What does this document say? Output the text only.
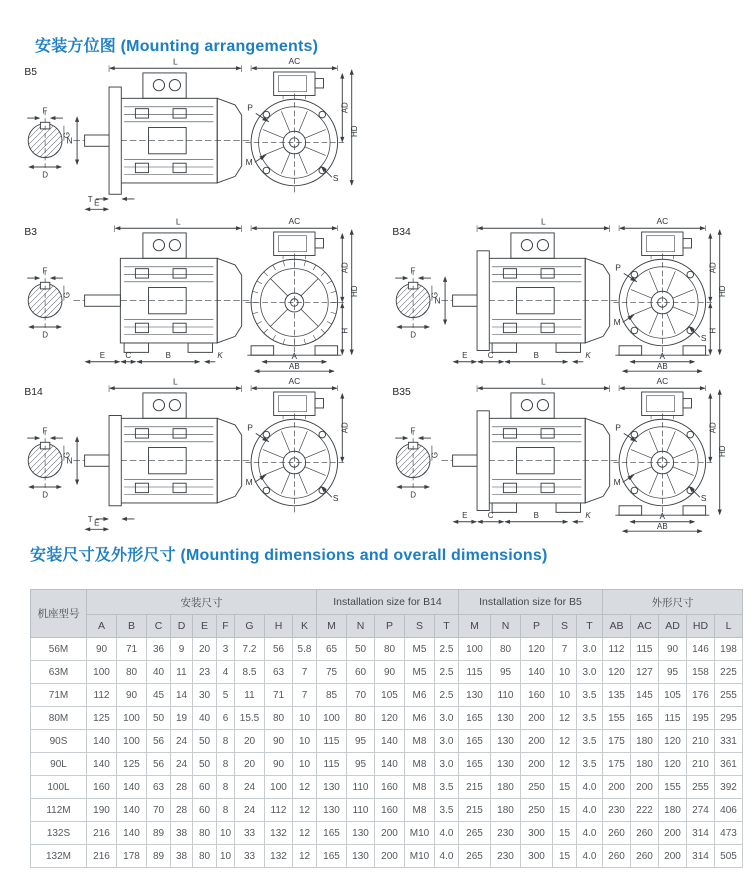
安装方位图 (Mounting arrangements)
B5
F
G
D
L
N
T E
AC
AD
HD
P
M
S
B3
F
G
D
L
E C	B	K
AC
AD
HD
H
A
AB
B34
F
G
D
L
N
E C	B	K
AC
AD
HD
H
P
M
S
A
AB
B14
F
G
D
L
N
T E
AC
AD
P
M
S
B35
F
G
D
L
E C	B	K
AC
AD
HD
P
M
S
A
AB
安装尺寸及外形尺寸 (Mounting dimensions and overall dimensions)
机座型号	安装尺寸									Installation size for B14					Installation size for B5					外形尺寸				
	A	B	C	D	E	F	G	H	K	M	N	P	S	T	M	N	P	S	T	AB	AC	AD	HD	L
56M	90	71	36	9	20	3	7.2	56	5.8	65	50	80	M5	2.5	100	80	120	7	3.0	112	115	90	146	198
63M	100	80	40	11	23	4	8.5	63	7	75	60	90	M5	2.5	115	95	140	10	3.0	120	127	95	158	225
71M	112	90	45	14	30	5	11	71	7	85	70	105	M6	2.5	130	110	160	10	3.5	135	145	105	176	255
80M	125	100	50	19	40	6	15.5	80	10	100	80	120	M6	3.0	165	130	200	12	3.5	155	165	115	195	295
90S	140	100	56	24	50	8	20	90	10	115	95	140	M8	3.0	165	130	200	12	3.5	175	180	120	210	331
90L	140	125	56	24	50	8	20	90	10	115	95	140	M8	3.0	165	130	200	12	3.5	175	180	120	210	361
100L	160	140	63	28	60	8	24	100	12	130	110	160	M8	3.5	215	180	250	15	4.0	200	200	155	255	392
112M	190	140	70	28	60	8	24	112	12	130	110	160	M8	3.5	215	180	250	15	4.0	230	222	180	274	406
132S	216	140	89	38	80	10	33	132	12	165	130	200	M10	4.0	265	230	300	15	4.0	260	260	200	314	473
132M	216	178	89	38	80	10	33	132	12	165	130	200	M10	4.0	265	230	300	15	4.0	260	260	200	314	505
